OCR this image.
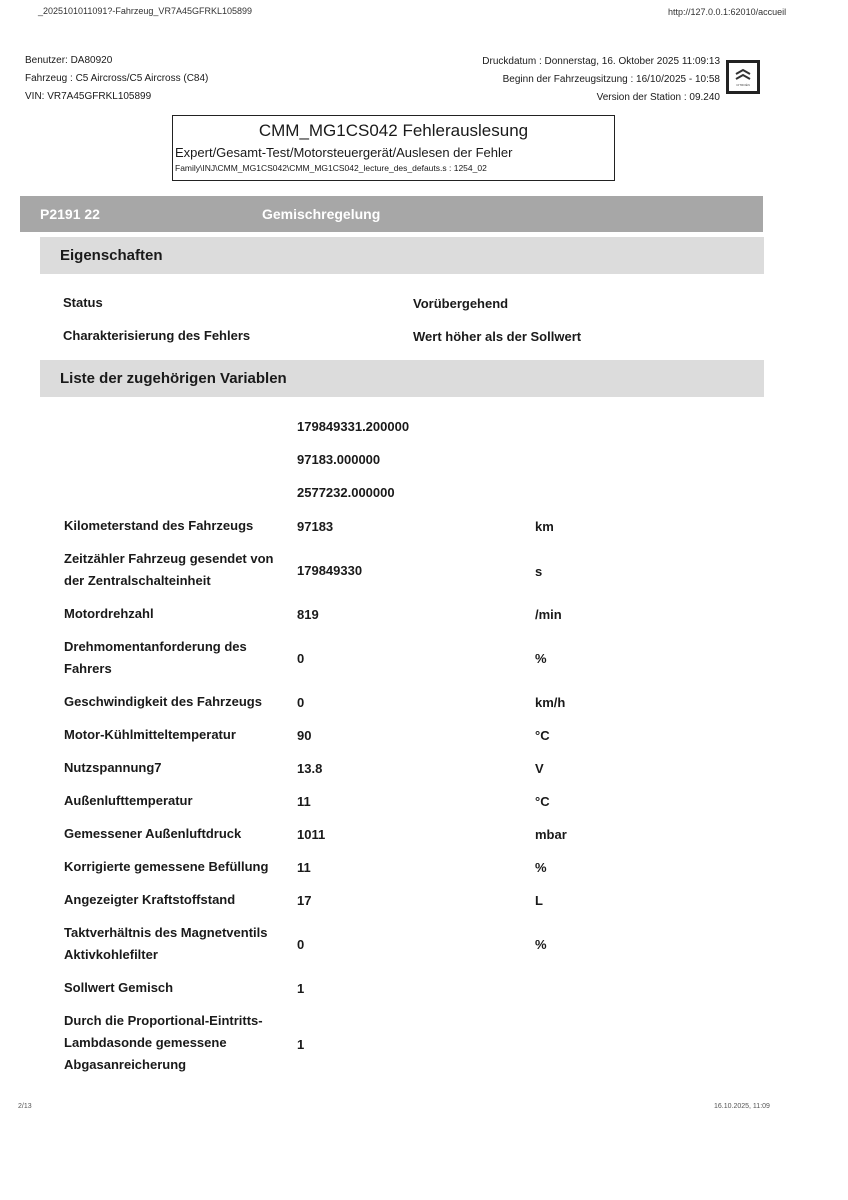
_2025101011091?-Fahrzeug_VR7A45GFRKL105899	http://127.0.0.1:62010/accueil
Benutzer: DA80920
Fahrzeug : C5 Aircross/C5 Aircross (C84)
VIN: VR7A45GFRKL105899
Druckdatum : Donnerstag, 16. Oktober 2025 11:09:13
Beginn der Fahrzeugsitzung : 16/10/2025 - 10:58
Version der Station : 09.240
CITROËN
CMM_MG1CS042 Fehlerauslesung
Expert/Gesamt-Test/Motorsteuergerät/Auslesen der Fehler
Family\INJ\CMM_MG1CS042\CMM_MG1CS042_lecture_des_defauts.s : 1254_02
P2191 22	Gemischregelung
Eigenschaften
Status	Vorübergehend
Charakterisierung des Fehlers	Wert höher als der Sollwert
Liste der zugehörigen Variablen
179849331.200000
97183.000000
2577232.000000
Kilometerstand des Fahrzeugs	97183	km
Zeitzähler Fahrzeug gesendet von der Zentralschalteinheit
179849330	s
Motordrehzahl	819	/min
Drehmomentanforderung des Fahrers
0	%
Geschwindigkeit des Fahrzeugs	0	km/h
Motor-Kühlmitteltemperatur	90	°C
Nutzspannung7	13.8	V
Außenlufttemperatur	11	°C
Gemessener Außenluftdruck	1011	mbar
Korrigierte gemessene Befüllung	11	%
Angezeigter Kraftstoffstand	17	L
Taktverhältnis des Magnetventils Aktivkohlefilter
0	%
Sollwert Gemisch	1
Durch die Proportional-Eintritts-Lambdasonde gemessene Abgasanreicherung
1
2/13	16.10.2025, 11:09
